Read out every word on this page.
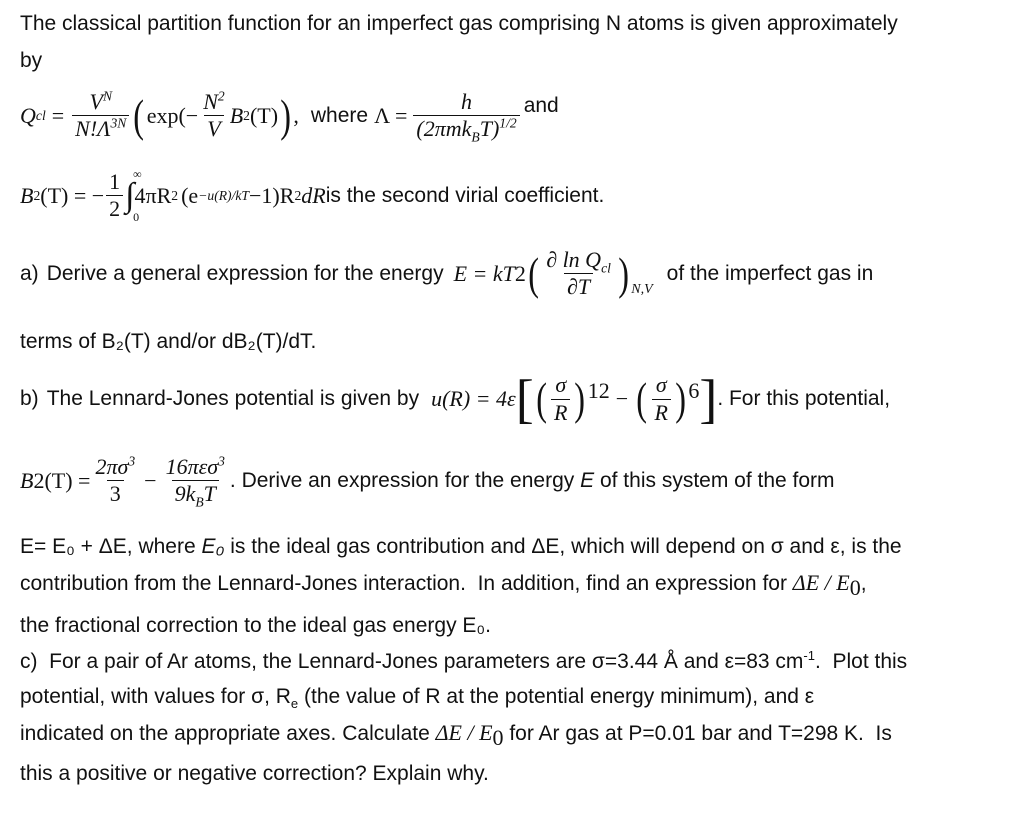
The classical partition function for an imperfect gas comprising N atoms is given approximately
by
Q cl = $\frac{V^N}{N!\Lambda^{3N}}$ ( $\exp(- \frac{N^2}{V}$ B 2 (T) ) , where $\Lambda = \frac{h}{(2\pi mk_BT)^{1/2}}$ and
B 2 (T) = − $\frac{1}{2}$ ∫
∞
0
4πR 2 (e −u(R)/kT −1)R 2 dR is the second virial coefficient.
a) Derive a general expression for the energy E = kT 2 ( $\frac{\partial \ln Q_{cl}}{\partial T}$ ) N,V
of the imperfect gas in
terms of B₂(T) and/or dB₂(T)/dT.
b) The Lennard-Jones potential is given by u(R) = 4ε [ ( $\frac{\sigma}{R} )^{12}$ − ( $\frac{\sigma}{R} )^6$ ] . For this potential,
B 2 $(T) = \frac{2\pi\sigma^3}{3} - \frac{16\pi\varepsilon\sigma^3}{9k_BT}$ . Derive an expression for the energy E of this system of the form
E= E₀ + ΔE, where E₀ is the ideal gas contribution and ΔE, which will depend on σ and ε, is the
contribution from the Lennard-Jones interaction.  In addition, find an expression for ΔE / $E_0$,
the fractional correction to the ideal gas energy E₀.
c)  For a pair of Ar atoms, the Lennard-Jones parameters are σ=3.44 Å and ε=83 $cm^{-1}$.  Plot this
potential, with values for σ, $R_e$ (the value of R at the potential energy minimum), and ε
indicated on the appropriate axes. Calculate ΔE / $E_0$ for Ar gas at P=0.01 bar and T=298 K.  Is
this a positive or negative correction? Explain why.
